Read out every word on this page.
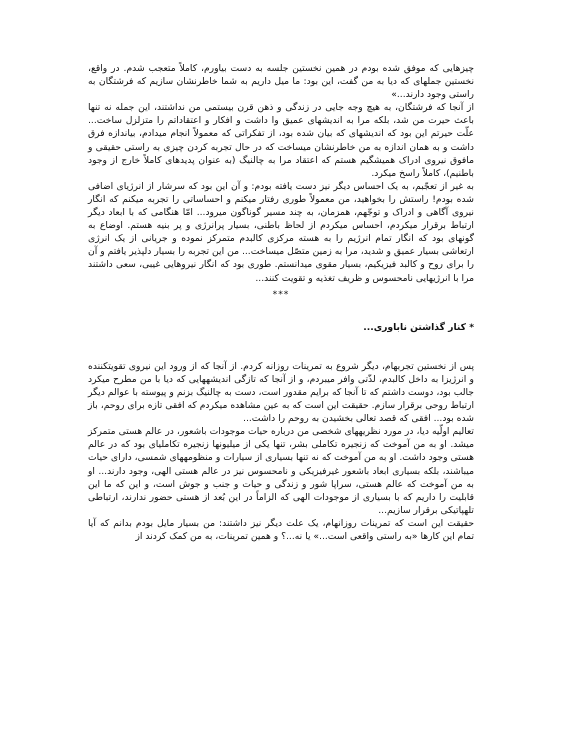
چیزهایی که موفق شده بودم در همین نخستین جلسه به دست بیاورم، کاملاً متعجب شدم. در واقع، نخستین جملهای که دیا به من گفت، این بود: ما میل داریم به شما خاطرنشان سازیم که فرشتگان به راستی وجود دارند...»

از آنجا که فرشتگان، به هیچ وجه جایی در زندگی و ذهن قرن بیستمی من نداشتند، این جمله نه تنها باعث حیرت من شد، بلکه مرا به اندیشهای عمیق وا داشت و افکار و اعتقاداتم را متزلزل ساخت... علّت حیرتم این بود که اندیشهای که بیان شده بود، از تفکراتی که معمولاً انجام میدادم، بیاندازه فرق داشت و به همان اندازه به من خاطرنشان میساخت که در حال تجربه کردن چیزی به راستی حقیقی و مافوق نیروی ادراک همیشگیم هستم که اعتقاد مرا به چالنیگ (به عنوان پدیدهای کاملاً خارج از وجود باطنیم)، کاملاً راسخ میکرد.

به غیر از تعجّبم، به یک احساس دیگر نیز دست یافته بودم: و آن این بود که سرشار از انرژیای اضافی شده بودم! راستش را بخواهید، من معمولاً طوری رفتار میکنم و احساساتی را تجربه میکنم که انگار نیروی آگاهی و ادراک و توجّهم، همزمان، به چند مسیر گوناگون میرود... امّا هنگامی که با ابعاد دیگر ارتباط برقرار میکردم، احساس میکردم از لحاظ باطنی، بسیار پرانرژی و پر بنیه هستم. اوضاع به گونهای بود که انگار تمام انرژیم را به هسته مرکزی کالبدم متمرکز نموده و جریانی از یک انرژی ارتعاشی بسیار عمیق و شدید، مرا به زمین متصّل میساخت... من این تجربه را بسیار دلپذیر یافتم و آن را برای روح و کالبد فیزیکیم، بسیار مقوی میدانستم. طوری بود که انگار نیروهایی غیبی، سعی داشتند مرا با انرژیهایی نامحسوس و ظریف تغذیه و تقویت کنند...

***
* کنار گذاشتن ناباوری...

پس از نخستین تجربهام، دیگر شروع به تمرینات روزانه کردم. از آنجا که از ورود این نیروی تقویتکننده و انرژیزا به داخل کالبدم، لذّتی وافر میبردم، و از آنجا که تازگی اندیشههایی که دیا با من مطرح میکرد جالب بود، دوست داشتم که تا آنجا که برایم مقدور است، دست به چالنیگ بزنم و پیوسته با عوالم دیگر ارتباط روحی برقرار سازم. حقیقت این است که به عین مشاهده میکردم که افقی تازه برای روحم، باز شده بود... افقی که قصد تعالی بخشیدن به روحم را داشت...

تعالیم اولّیه دیا، در مورد نظریههای شخصی من درباره حیات موجودات باشعور، در عالم هستی متمرکز میشد. او به من آموخت که زنجیره تکاملی بشر، تنها یکی از میلیونها زنجیره تکاملیای بود که در عالم هستی وجود داشت. او به من آموخت که نه تنها بسیاری از سیارات و منظومههای شمسی، دارای حیات میباشند، بلکه بسیاری ابعاد باشعور غیرفیزیکی و نامحسوس نیز در عالم هستی الهی، وجود دارند... او به من آموخت که عالم هستی، سراپا شور و زندگی و حیات و جنب و جوش است، و این که ما این قابلیت را داریم که با بسیاری از موجودات الهی که الزاماً در این بُعد از هستی حضور ندارند، ارتباطی تلهپاتیکی برقرار سازیم...

حقیقت این است که تمرینات روزانهام، یک علت دیگر نیز داشتند: من بسیار مایل بودم بدانم که آیا تمام این کارها «به راستی واقعی است...» یا نه...؟ و همین تمرینات، به من کمک کردند از
